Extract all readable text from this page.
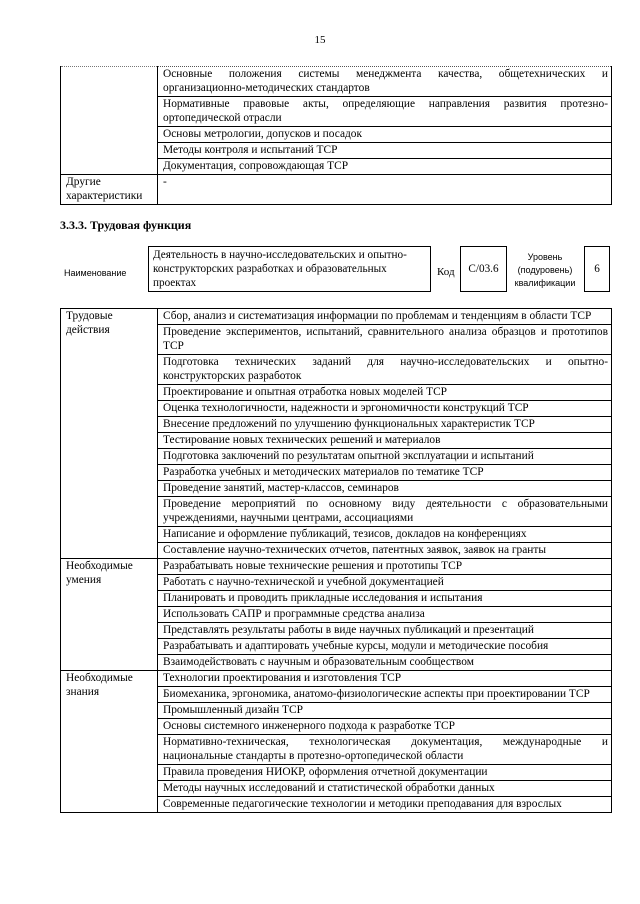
15
	Основные положения системы менеджмента качества, общетехнических и организационно-методических стандартов
	Нормативные правовые акты, определяющие направления развития протезно-ортопедической отрасли
	Основы метрологии, допусков и посадок
	Методы контроля и испытаний ТСР
	Документация, сопровождающая ТСР
Другие характеристики	-
3.3.3. Трудовая функция
Наименование
Деятельность в научно-исследовательских и опытно-конструкторских разработках и образовательных проектах
Код	C/03.6
Уровень (подуровень) квалификации
6
Трудовые действия	Сбор, анализ и систематизация информации по проблемам и тенденциям в области ТСР
	Проведение экспериментов, испытаний, сравнительного анализа образцов и прототипов ТСР
	Подготовка технических заданий для научно-исследовательских и опытно-конструкторских разработок
	Проектирование и опытная отработка новых моделей ТСР
	Оценка технологичности, надежности и эргономичности конструкций ТСР
	Внесение предложений по улучшению функциональных характеристик ТСР
	Тестирование новых технических решений и материалов
	Подготовка заключений по результатам опытной эксплуатации и испытаний
	Разработка учебных и методических материалов по тематике ТСР
	Проведение занятий, мастер-классов, семинаров
	Проведение мероприятий по основному виду деятельности с образовательными учреждениями, научными центрами, ассоциациями
	Написание и оформление публикаций, тезисов, докладов на конференциях
	Составление научно-технических отчетов, патентных заявок, заявок на гранты
Необходимые умения	Разрабатывать новые технические решения и прототипы ТСР
	Работать с научно-технической и учебной документацией
	Планировать и проводить прикладные исследования и испытания
	Использовать САПР и программные средства анализа
	Представлять результаты работы в виде научных публикаций и презентаций
	Разрабатывать и адаптировать учебные курсы, модули и методические пособия
	Взаимодействовать с научным и образовательным сообществом
Необходимые знания	Технологии проектирования и изготовления ТСР
	Биомеханика, эргономика, анатомо-физиологические аспекты при проектировании ТСР
	Промышленный дизайн ТСР
	Основы системного инженерного подхода к разработке ТСР
	Нормативно-техническая, технологическая документация, международные и национальные стандарты в протезно-ортопедической области
	Правила проведения НИОКР, оформления отчетной документации
	Методы научных исследований и статистической обработки данных
	Современные педагогические технологии и методики преподавания для взрослых
